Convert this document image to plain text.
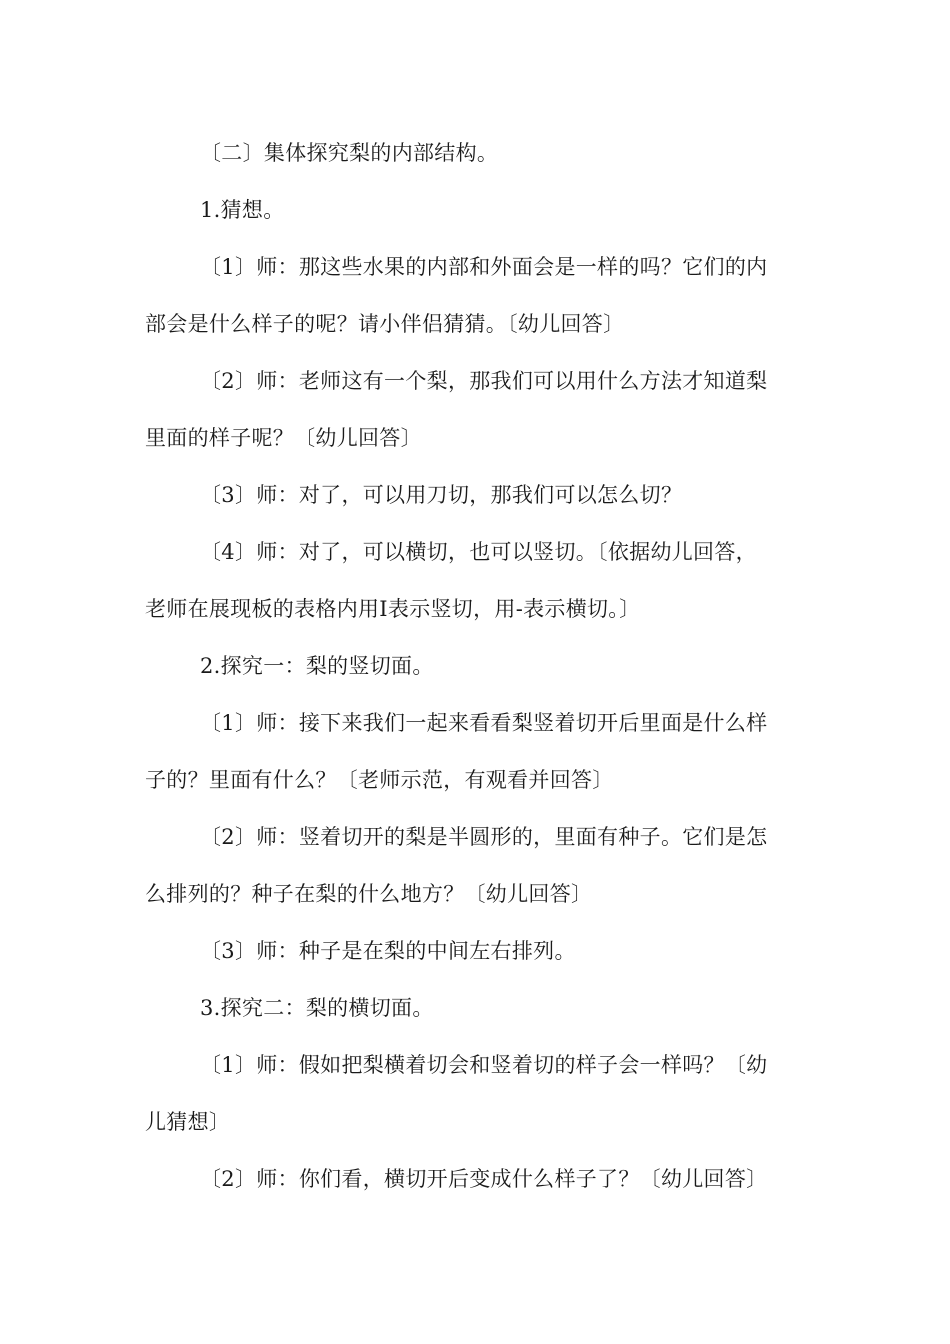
〔二〕集体探究梨的内部结构。
1.猜想。
〔1〕师：那这些水果的内部和外面会是一样的吗？它们的内
部会是什么样子的呢？请小伴侣猜猜。〔幼儿回答〕
〔2〕师：老师这有一个梨，那我们可以用什么方法才知道梨
里面的样子呢？〔幼儿回答〕
〔3〕师：对了，可以用刀切，那我们可以怎么切？
〔4〕师：对了，可以横切，也可以竖切。〔依据幼儿回答，
老师在展现板的表格内用Ⅰ表示竖切，用-表示横切。〕
2.探究一：梨的竖切面。
〔1〕师：接下来我们一起来看看梨竖着切开后里面是什么样
子的？里面有什么？〔老师示范，有观看并回答〕
〔2〕师：竖着切开的梨是半圆形的，里面有种子。它们是怎
么排列的？种子在梨的什么地方？〔幼儿回答〕
〔3〕师：种子是在梨的中间左右排列。
3.探究二：梨的横切面。
〔1〕师：假如把梨横着切会和竖着切的样子会一样吗？〔幼
儿猜想〕
〔2〕师：你们看，横切开后变成什么样子了？〔幼儿回答〕
